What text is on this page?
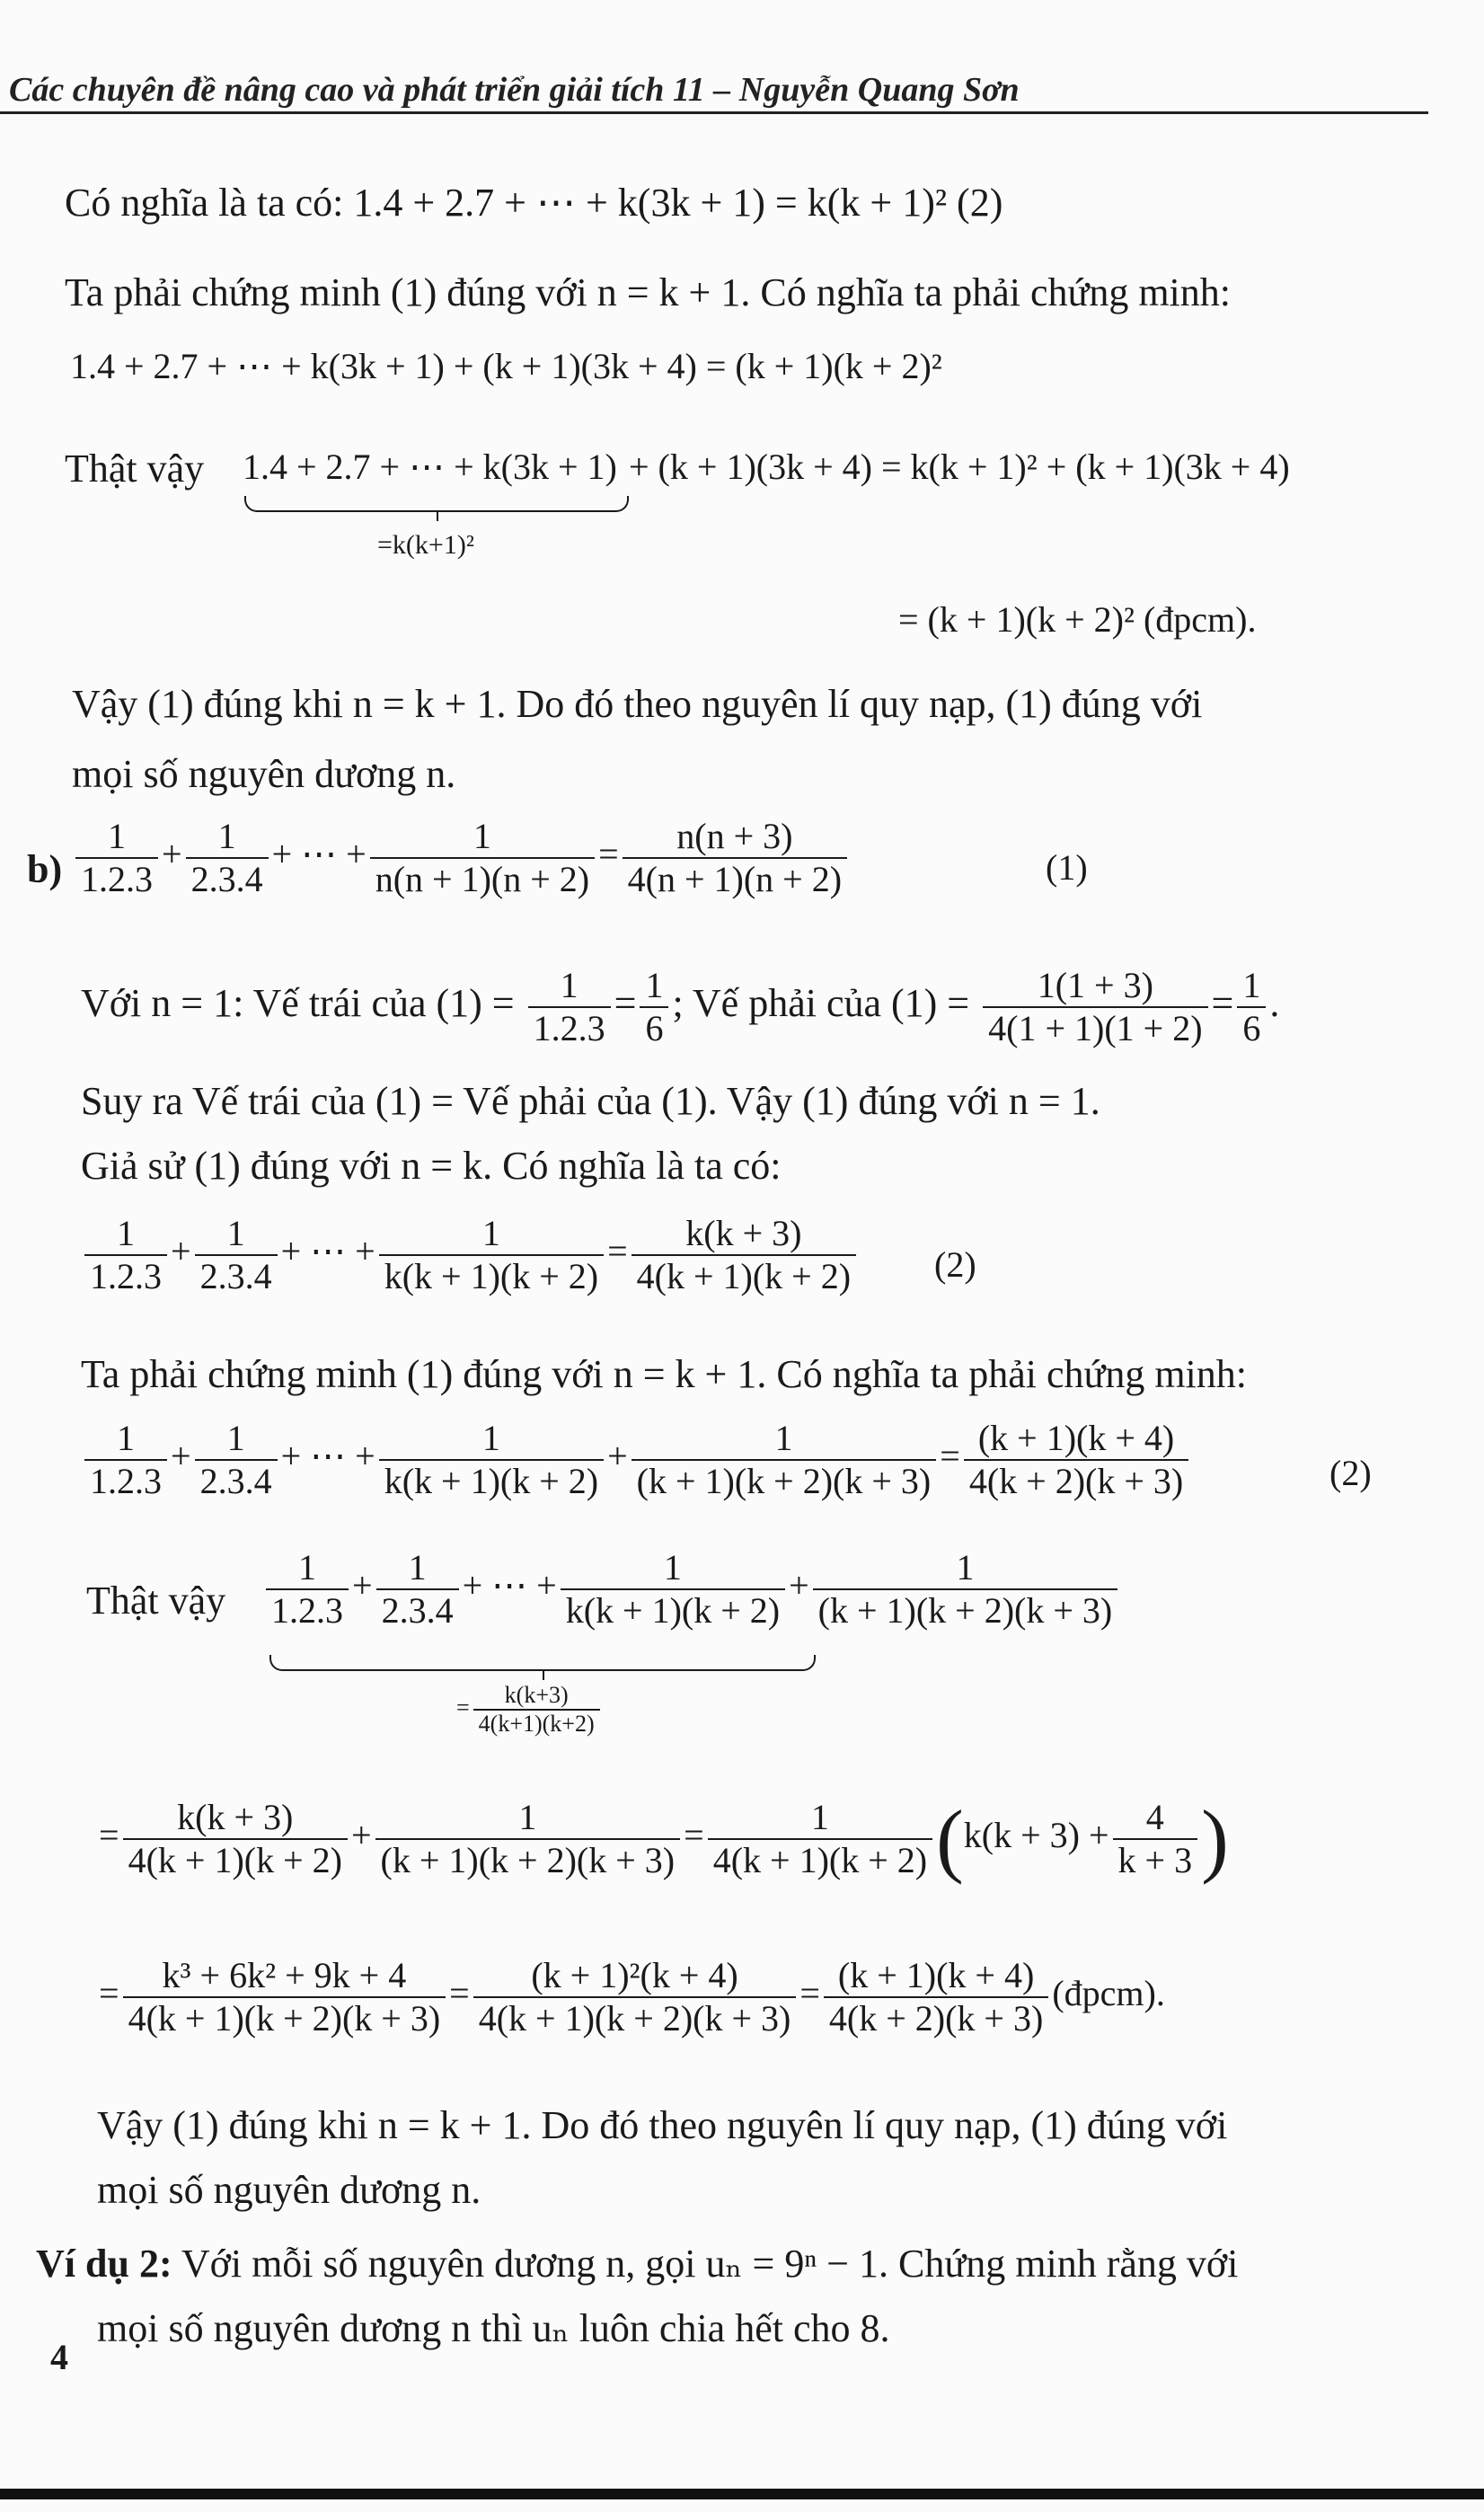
Các chuyên đề nâng cao và phát triển giải tích 11 – Nguyễn Quang Sơn
Có nghĩa là ta có: 1.4 + 2.7 + ⋯ + k(3k + 1) = k(k + 1)² (2)
Ta phải chứng minh (1) đúng với n = k + 1. Có nghĩa ta phải chứng minh:
1.4 + 2.7 + ⋯ + k(3k + 1) + (k + 1)(3k + 4) = (k + 1)(k + 2)²
Thật vậy 1.4 + 2.7 + ⋯ + k(3k + 1) + (k + 1)(3k + 4) = k(k + 1)² + (k + 1)(3k + 4)
=k(k+1)²
= (k + 1)(k + 2)² (đpcm).
Vậy (1) đúng khi n = k + 1. Do đó theo nguyên lí quy nạp, (1) đúng với
mọi số nguyên dương n.
$b) \frac{1}{1.2.3} + \frac{1}{2.3.4}$ + ⋯ + $\frac{1}{n(n + 1)(n + 2)} = \frac{n(n + 3)}{4(n + 1)(n + 2)}$	(1)
Với n = 1: Vế trái của $(1) = \frac{1}{1.2.3} = \frac{1}{6}$ ; Vế phải của $(1) = \frac{1(1 + 3)}{4(1 + 1)(1 + 2)} = \frac{1}{6}$ .
Suy ra Vế trái của (1) = Vế phải của (1). Vậy (1) đúng với n = 1.
Giả sử (1) đúng với n = k. Có nghĩa là ta có:
$\frac{1}{1.2.3} + \frac{1}{2.3.4}$ + ⋯ + $\frac{1}{k(k + 1)(k + 2)} = \frac{k(k + 3)}{4(k + 1)(k + 2)} (2)$
Ta phải chứng minh (1) đúng với n = k + 1. Có nghĩa ta phải chứng minh:
$\frac{1}{1.2.3} + \frac{1}{2.3.4}$ + ⋯ + $\frac{1}{k(k + 1)(k + 2)} + \frac{1}{(k + 1)(k + 2)(k + 3)} = \frac{(k + 1)(k + 4)}{4(k + 2)(k + 3)}$	(2)
Thật vậy $\frac{1}{1.2.3} + \frac{1}{2.3.4}$ + ⋯ + $\frac{1}{k(k + 1)(k + 2)} + \frac{1}{(k + 1)(k + 2)(k + 3)}$
= $\frac{k(k+3)}{4(k+1)(k+2)}$
= $\frac{k(k + 3)}{4(k + 1)(k + 2)} + \frac{1}{(k + 1)(k + 2)(k + 3)} = \frac{1}{4(k + 1)(k + 2)} (k(k + 3) + \frac{4}{k + 3}$ )
= $\frac{\text{k³ + 6k² + 9k + 4}}{4(k + 1)(k + 2)(k + 3)} = \frac{\text{(k + 1)²(k + 4)}}{4(k + 1)(k + 2)(k + 3)} = \frac{(k + 1)(k + 4)}{4(k + 2)(k + 3)}$ (đpcm).
Vậy (1) đúng khi n = k + 1. Do đó theo nguyên lí quy nạp, (1) đúng với
mọi số nguyên dương n.
Ví dụ 2: Với mỗi số nguyên dương n, gọi uₙ = 9ⁿ − 1. Chứng minh rằng với
mọi số nguyên dương n thì uₙ luôn chia hết cho 8.
4
